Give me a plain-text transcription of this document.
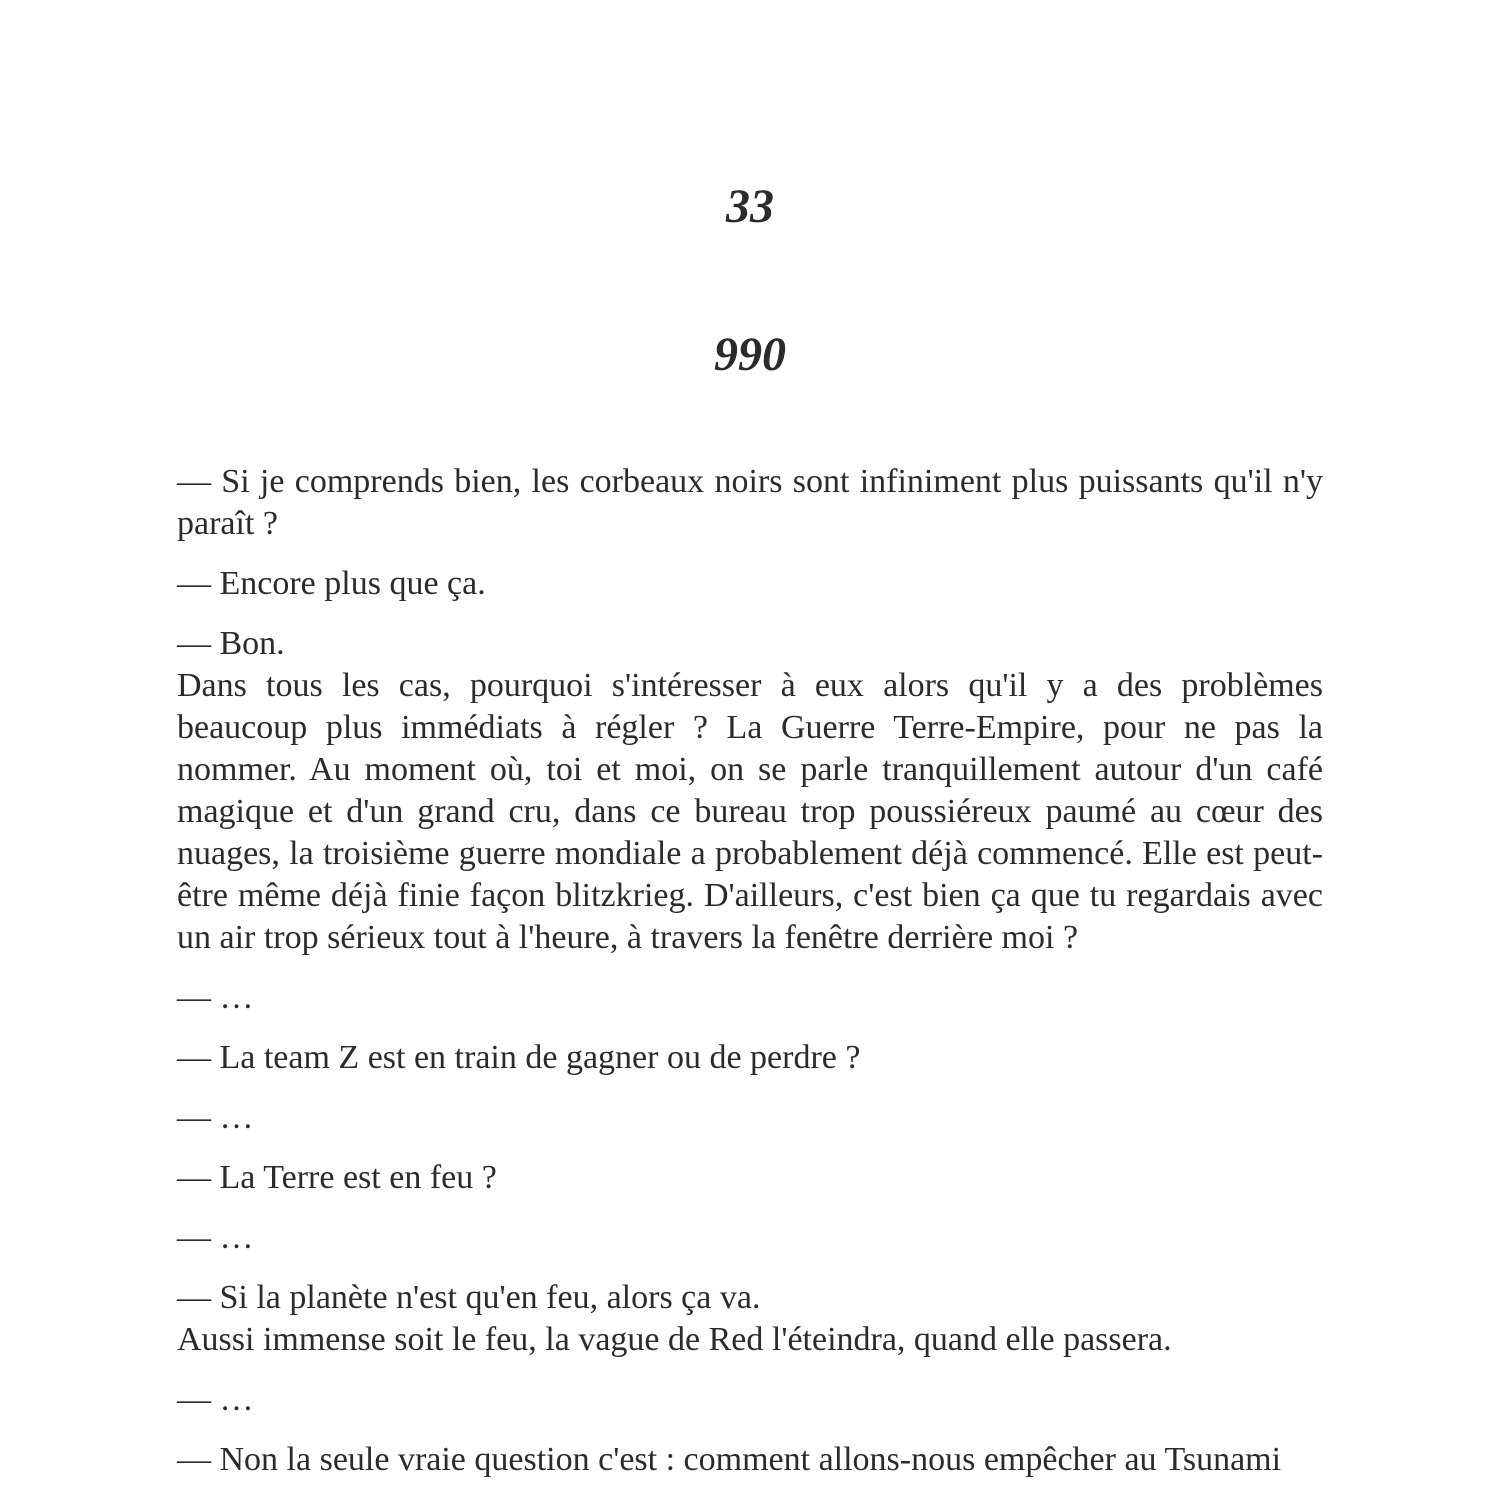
33
990

— Si je comprends bien, les corbeaux noirs sont infiniment plus puissants qu'il n'y paraît ?

— Encore plus que ça.

— Bon.

Dans tous les cas, pourquoi s'intéresser à eux alors qu'il y a des problèmes beaucoup plus immédiats à régler ? La Guerre Terre-Empire, pour ne pas la nommer. Au moment où, toi et moi, on se parle tranquillement autour d'un café magique et d'un grand cru, dans ce bureau trop poussiéreux paumé au cœur des nuages, la troisième guerre mondiale a probablement déjà commencé. Elle est peut-être même déjà finie façon blitzkrieg. D'ailleurs, c'est bien ça que tu regardais avec un air trop sérieux tout à l'heure, à travers la fenêtre derrière moi ?

— …

— La team Z est en train de gagner ou de perdre ?

— …

— La Terre est en feu ?

— …

— Si la planète n'est qu'en feu, alors ça va.

Aussi immense soit le feu, la vague de Red l'éteindra, quand elle passera.

— …

— Non la seule vraie question c'est : comment allons-nous empêcher au Tsunami
